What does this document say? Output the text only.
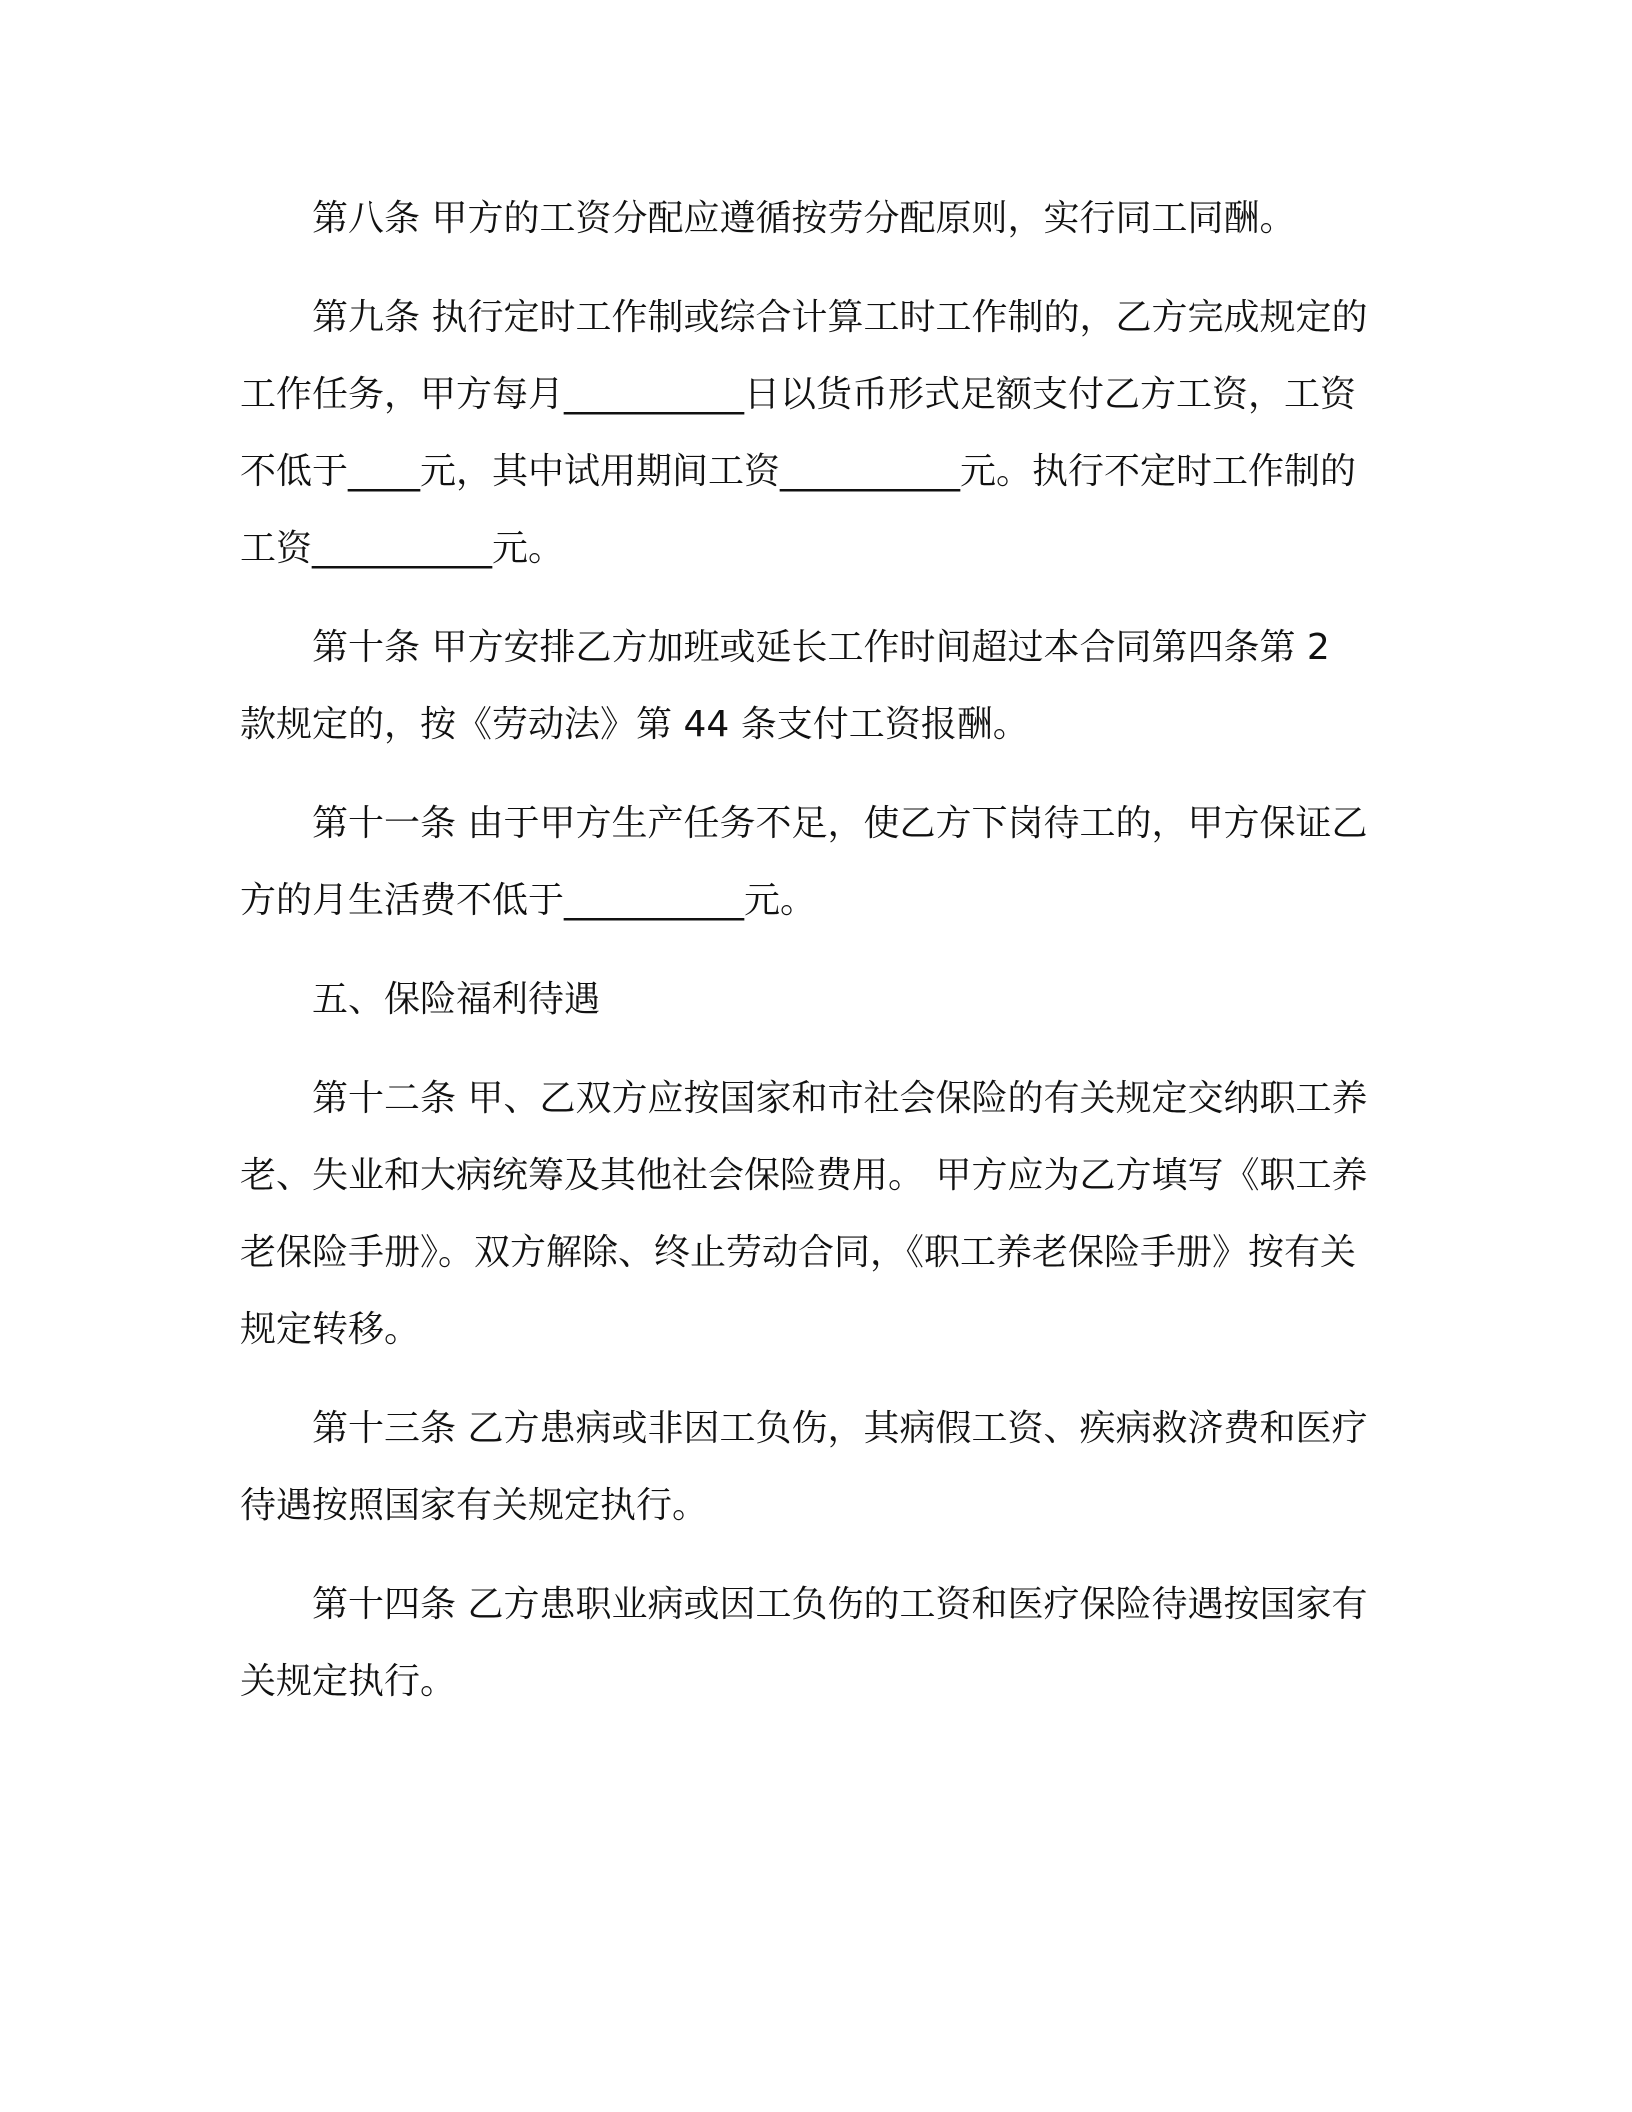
第八条 甲方的工资分配应遵循按劳分配原则，实行同工同酬。

第九条 执行定时工作制或综合计算工时工作制的，乙方完成规定的工作任务，甲方每月__________日以货币形式足额支付乙方工资，工资不低于____元，其中试用期间工资__________元。执行不定时工作制的工资__________元。

第十条 甲方安排乙方加班或延长工作时间超过本合同第四条第 2 款规定的，按《劳动法》第 44 条支付工资报酬。

第十一条 由于甲方生产任务不足，使乙方下岗待工的，甲方保证乙方的月生活费不低于__________元。

五、保险福利待遇

第十二条 甲、乙双方应按国家和市社会保险的有关规定交纳职工养老、失业和大病统筹及其他社会保险费用。 甲方应为乙方填写《职工养老保险手册》。双方解除、终止劳动合同，《职工养老保险手册》按有关规定转移。

第十三条 乙方患病或非因工负伤，其病假工资、疾病救济费和医疗待遇按照国家有关规定执行。

第十四条 乙方患职业病或因工负伤的工资和医疗保险待遇按国家有关规定执行。
